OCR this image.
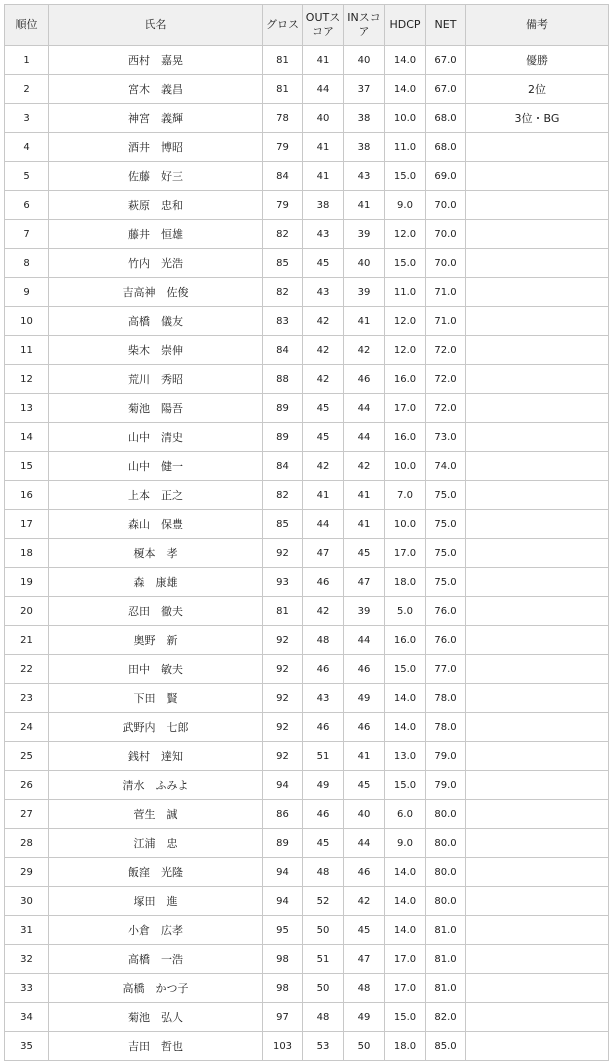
順位	氏名	グロス	OUTスコア	INスコア	HDCP	NET	備考
1	西村　嘉晃	81	41	40	14.0	67.0	優勝
2	宮木　義昌	81	44	37	14.0	67.0	2位
3	神宮　義輝	78	40	38	10.0	68.0	3位・BG
4	酒井　博昭	79	41	38	11.0	68.0	
5	佐藤　好三	84	41	43	15.0	69.0	
6	萩原　忠和	79	38	41	9.0	70.0	
7	藤井　恒雄	82	43	39	12.0	70.0	
8	竹内　光浩	85	45	40	15.0	70.0	
9	吉高神　佐俊	82	43	39	11.0	71.0	
10	高橋　儀友	83	42	41	12.0	71.0	
11	柴木　崇伸	84	42	42	12.0	72.0	
12	荒川　秀昭	88	42	46	16.0	72.0	
13	菊池　陽吾	89	45	44	17.0	72.0	
14	山中　清史	89	45	44	16.0	73.0	
15	山中　健一	84	42	42	10.0	74.0	
16	上本　正之	82	41	41	7.0	75.0	
17	森山　保豊	85	44	41	10.0	75.0	
18	榎本　孝	92	47	45	17.0	75.0	
19	森　康雄	93	46	47	18.0	75.0	
20	忍田　徹夫	81	42	39	5.0	76.0	
21	奥野　新	92	48	44	16.0	76.0	
22	田中　敏夫	92	46	46	15.0	77.0	
23	下田　賢	92	43	49	14.0	78.0	
24	武野内　七郎	92	46	46	14.0	78.0	
25	銭村　達知	92	51	41	13.0	79.0	
26	清水　ふみよ	94	49	45	15.0	79.0	
27	菅生　誠	86	46	40	6.0	80.0	
28	江浦　忠	89	45	44	9.0	80.0	
29	飯窪　光隆	94	48	46	14.0	80.0	
30	塚田　進	94	52	42	14.0	80.0	
31	小倉　広孝	95	50	45	14.0	81.0	
32	高橋　一浩	98	51	47	17.0	81.0	
33	高橋　かつ子	98	50	48	17.0	81.0	
34	菊池　弘人	97	48	49	15.0	82.0	
35	吉田　哲也	103	53	50	18.0	85.0	
